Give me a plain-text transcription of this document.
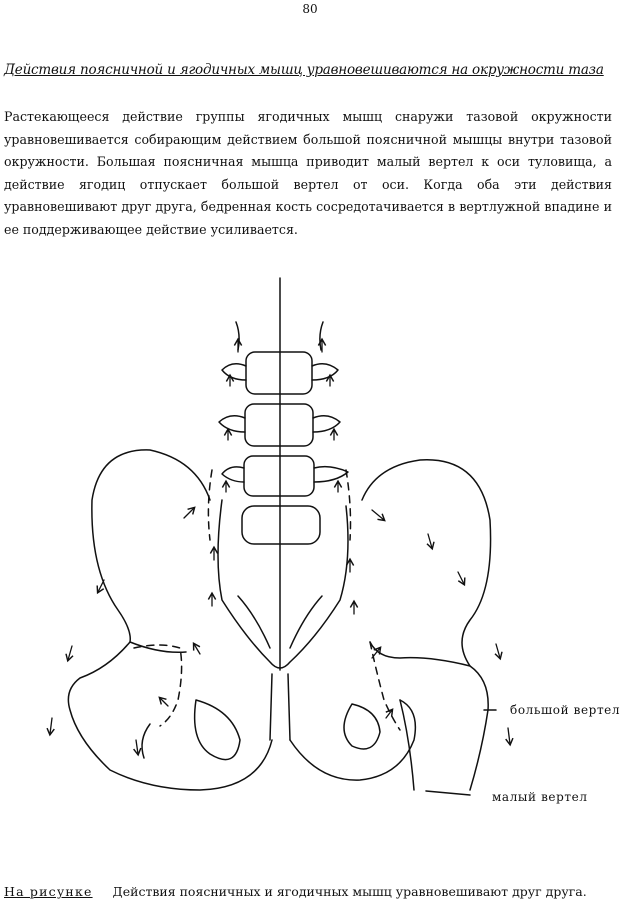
80
Действия поясничной и ягодичных мышц уравновешиваются на окружности таза

Растекающееся действие группы ягодичных мышц снаружи тазовой окружности уравновешивается собирающим действием большой поясничной мышцы внутри тазовой окружности. Большая поясничная мышца приводит малый вертел к оси туловища, а действие ягодиц отпускает большой вертел от оси. Когда оба эти действия уравновешивают друг друга, бедренная кость сосредотачивается в вертлужной впадине и ее поддерживающее действие усиливается.

большой вертел
малый вертел
На рисунке Действия поясничных и ягодичных мышц уравновешивают друг друга.
